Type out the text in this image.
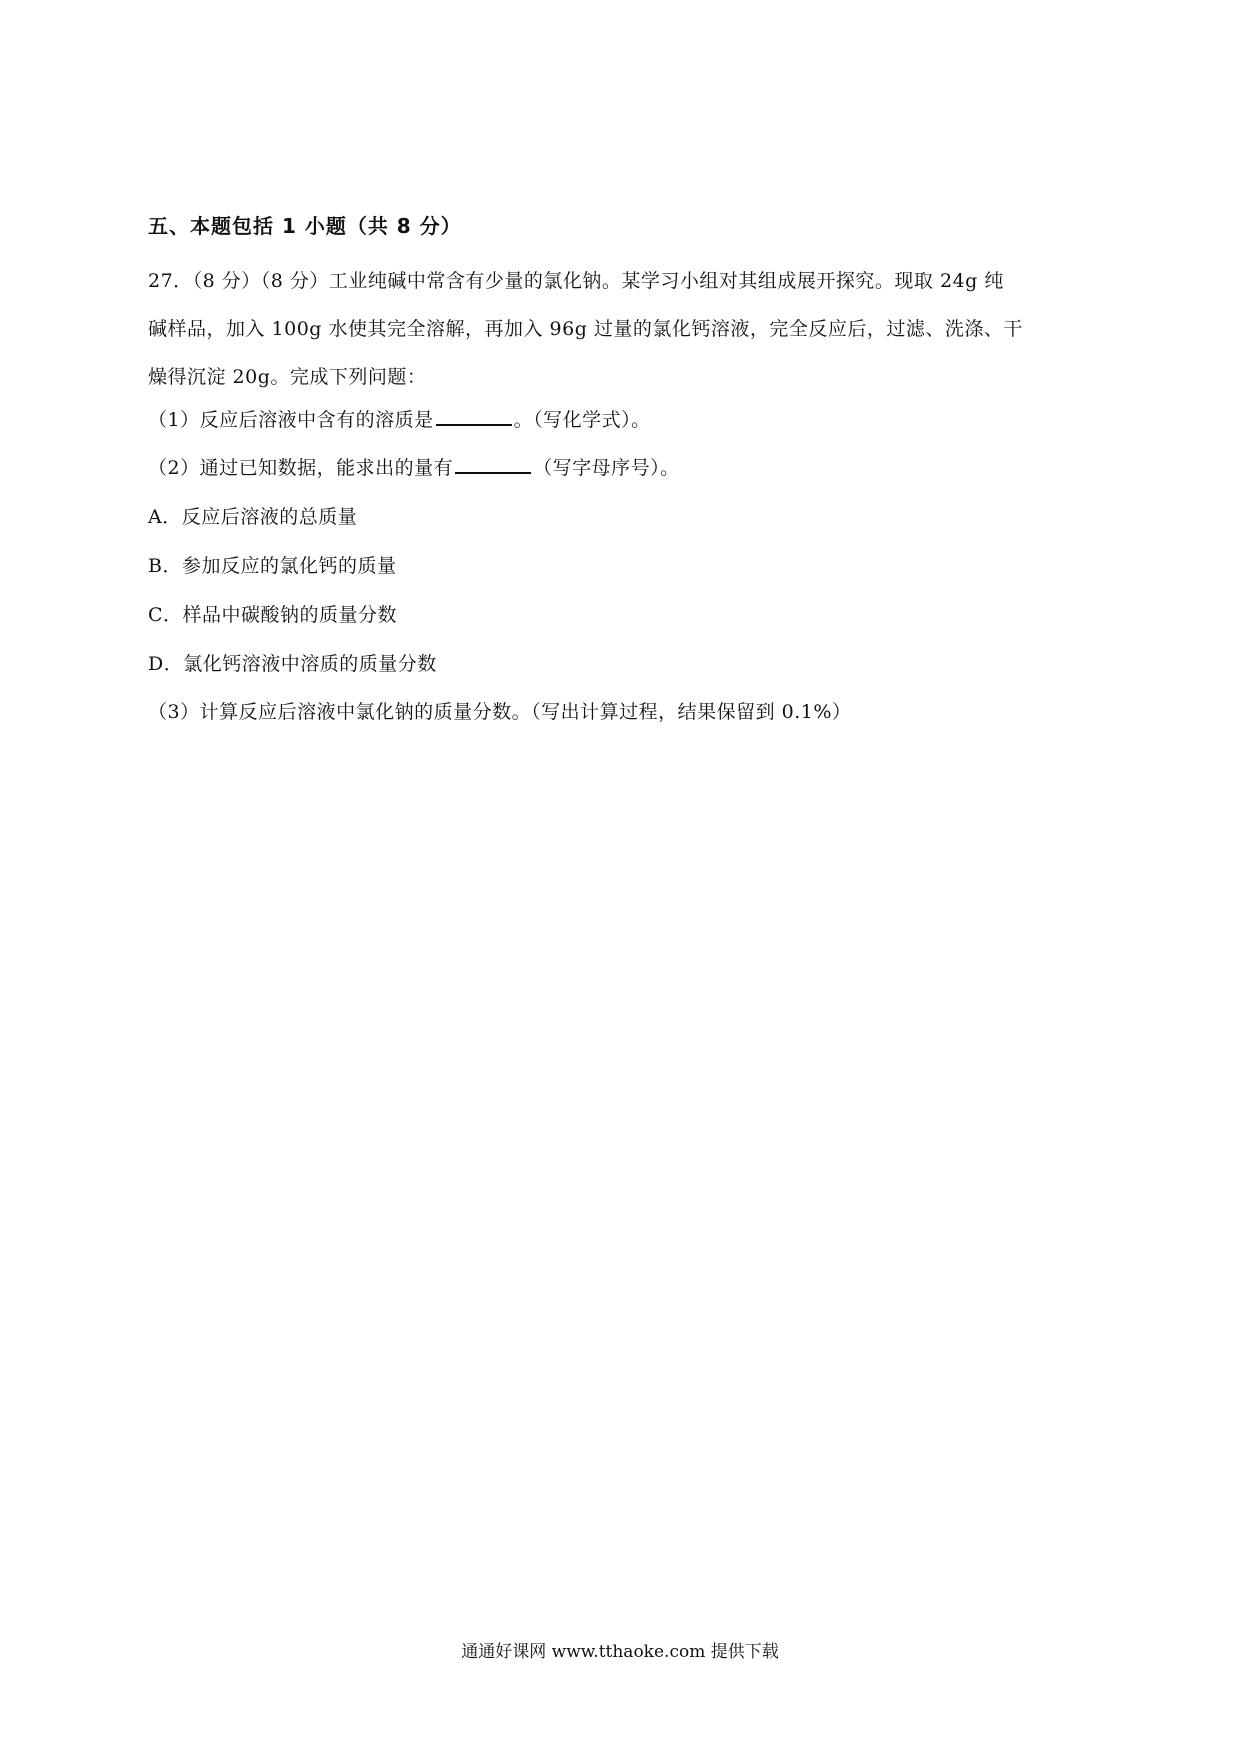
五、本题包括 1 小题（共 8 分）
27．（8 分）（8 分）工业纯碱中常含有少量的氯化钠。某学习小组对其组成展开探究。现取 24g 纯
碱样品，加入 100g 水使其完全溶解，再加入 96g 过量的氯化钙溶液，完全反应后，过滤、洗涤、干
燥得沉淀 20g。完成下列问题：
（1）反应后溶液中含有的溶质是	。（写化学式）。
（2）通过已知数据，能求出的量有	（写字母序号）。
A．反应后溶液的总质量
B．参加反应的氯化钙的质量
C．样品中碳酸钠的质量分数
D．氯化钙溶液中溶质的质量分数
（3）计算反应后溶液中氯化钠的质量分数。（写出计算过程，结果保留到 0.1%）
通通好课网 www.tthaoke.com 提供下载
